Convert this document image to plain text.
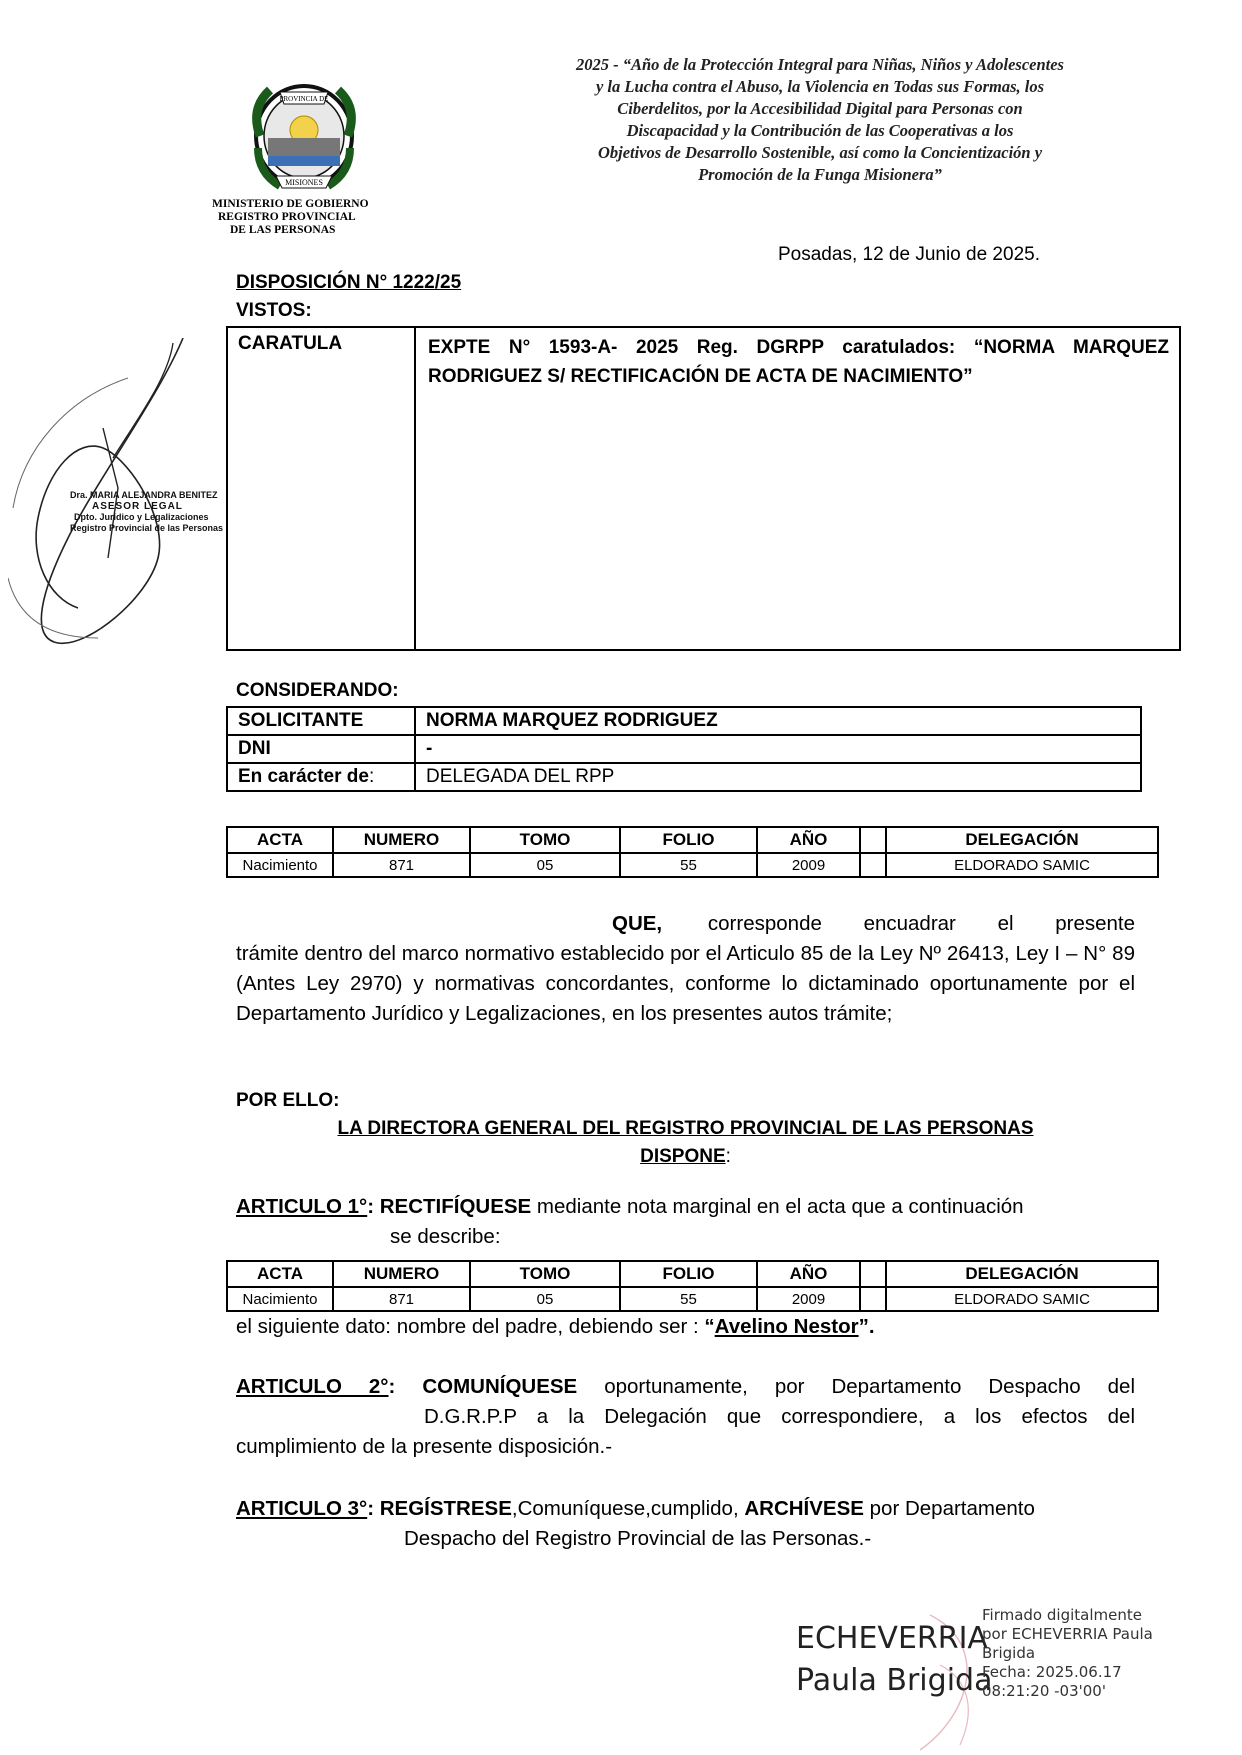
PROVINCIA DE
MISIONES
MINISTERIO DE GOBIERNO
REGISTRO PROVINCIAL
DE LAS PERSONAS
2025 - “Año de la Protección Integral para Niñas, Niños y Adolescentes
y la Lucha contra el Abuso, la Violencia en Todas sus Formas, los
Ciberdelitos, por la Accesibilidad Digital para Personas con
Discapacidad y la Contribución de las Cooperativas a los
Objetivos de Desarrollo Sostenible, así como la Concientización y
Promoción de la Funga Misionera”
Posadas, 12 de Junio de 2025.
DISPOSICIÓN N° 1222/25
VISTOS:
Dra. MARIA ALEJANDRA BENITEZ
ASESOR LEGAL
Dpto. Jurídico y Legalizaciones
Registro Provincial de las Personas
CARATULA	EXPTE N° 1593-A- 2025 Reg. DGRPP caratulados: “NORMA MARQUEZ RODRIGUEZ S/ RECTIFICACIÓN DE ACTA DE NACIMIENTO”
CONSIDERANDO:
SOLICITANTE	NORMA MARQUEZ RODRIGUEZ
DNI	-
En carácter de:	DELEGADA DEL RPP
ACTA	NUMERO	TOMO	FOLIO	AÑO		DELEGACIÓN
Nacimiento	871	05	55	2009		ELDORADO SAMIC
QUE, corresponde encuadrar el presente
trámite dentro del marco normativo establecido por el Articulo 85 de la Ley Nº 26413, Ley I – N° 89 (Antes Ley 2970) y normativas concordantes, conforme lo dictaminado oportunamente por el Departamento Jurídico y Legalizaciones, en los presentes autos trámite;
POR ELLO:
LA DIRECTORA GENERAL DEL REGISTRO PROVINCIAL DE LAS PERSONAS
DISPONE:
ARTICULO 1°: RECTIFÍQUESE mediante nota marginal en el acta que a continuación
se describe:
ACTA	NUMERO	TOMO	FOLIO	AÑO		DELEGACIÓN
Nacimiento	871	05	55	2009		ELDORADO SAMIC
el siguiente dato: nombre del padre, debiendo ser : “Avelino Nestor”.
ARTICULO 2°: COMUNÍQUESE oportunamente, por Departamento Despacho del
D.G.R.P.P a la Delegación que correspondiere, a los efectos del
cumplimiento de la presente disposición.-
ARTICULO 3°: REGÍSTRESE,Comuníquese,cumplido, ARCHÍVESE por Departamento
Despacho del Registro Provincial de las Personas.-
ECHEVERRIA
Paula Brigida
Firmado digitalmente
por ECHEVERRIA Paula
Brigida
Fecha: 2025.06.17
08:21:20 -03'00'
